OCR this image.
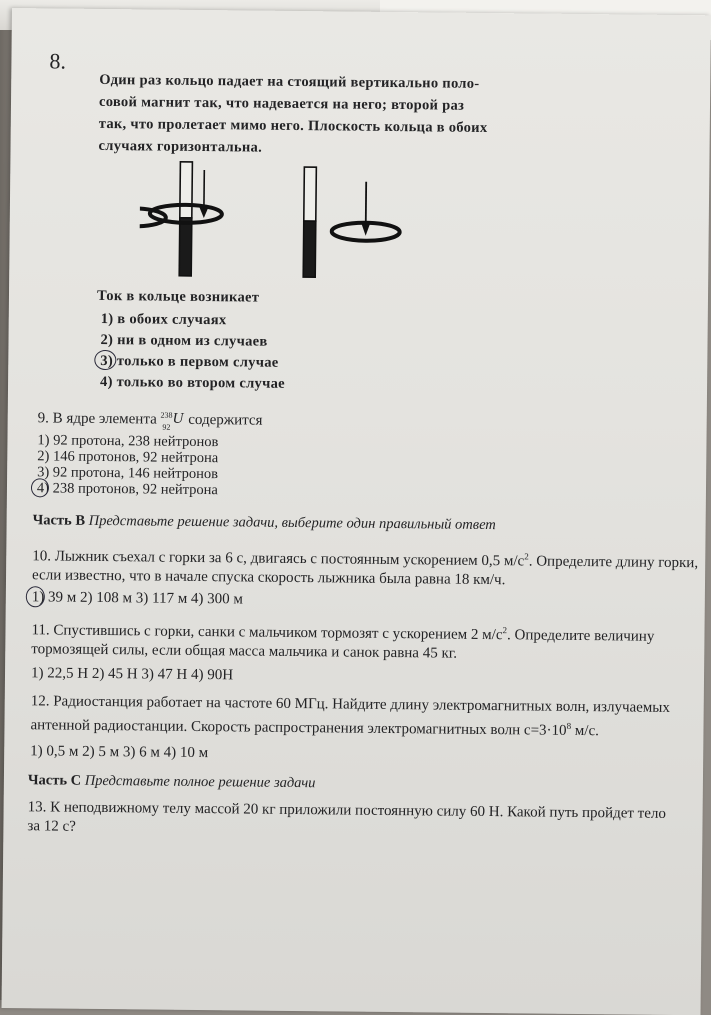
8.
Один раз кольцо падает на стоящий вертикально поло-
совой магнит так, что надевается на него; второй раз
так, что пролетает мимо него. Плоскость кольца в обоих
случаях горизонтальна.
Ток в кольце возникает
1) в обоих случаях
2) ни в одном из случаев
3) только в первом случае
4) только во втором случае
9. В ядре элемента 238
92
U содержится
1) 92 протона, 238 нейтронов
2) 146 протонов, 92 нейтрона
3) 92 протона, 146 нейтронов
4) 238 протонов, 92 нейтрона
Часть В Представьте решение задачи, выберите один правильный ответ
10. Лыжник съехал с горки за 6 с, двигаясь с постоянным ускорением 0,5 $м/с^2$. Определите длину горки,
если известно, что в начале спуска скорость лыжника была равна 18 км/ч.
1) 39 м 2) 108 м 3) 117 м 4) 300 м
11. Спустившись с горки, санки с мальчиком тормозят с ускорением 2 $м/с^2$. Определите величину
тормозящей силы, если общая масса мальчика и санок равна 45 кг.
1) 22,5 Н 2) 45 Н 3) 47 Н 4) 90Н
12. Радиостанция работает на частоте 60 МГц. Найдите длину электромагнитных волн, излучаемых
антенной радиостанции. Скорость распространения электромагнитных волн $с=3\cdot 10^8$ м/с.
1) 0,5 м 2) 5 м 3) 6 м 4) 10 м
Часть С Представьте полное решение задачи
13. К неподвижному телу массой 20 кг приложили постоянную силу 60 Н. Какой путь пройдет тело
за 12 с?
